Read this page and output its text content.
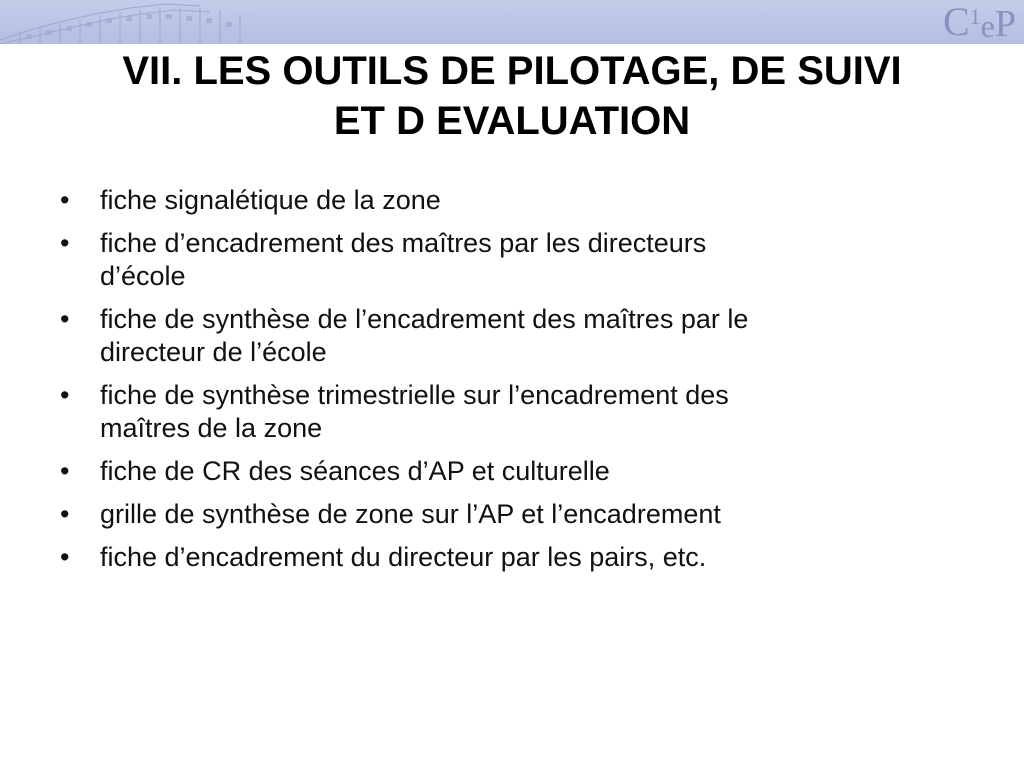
C 1 e P
VII. LES OUTILS DE PILOTAGE, DE SUIVI
ET D EVALUATION
•	fiche signalétique de la zone
•	fiche d’encadrement des maîtres par les directeurs
d’école
•	fiche de synthèse de l’encadrement des maîtres par le
directeur de l’école
•	fiche de synthèse trimestrielle sur l’encadrement des
maîtres de la zone
•	fiche de CR des séances d’AP et culturelle
•	grille de synthèse de zone sur l’AP et l’encadrement
•	fiche d’encadrement du directeur par les pairs, etc.
